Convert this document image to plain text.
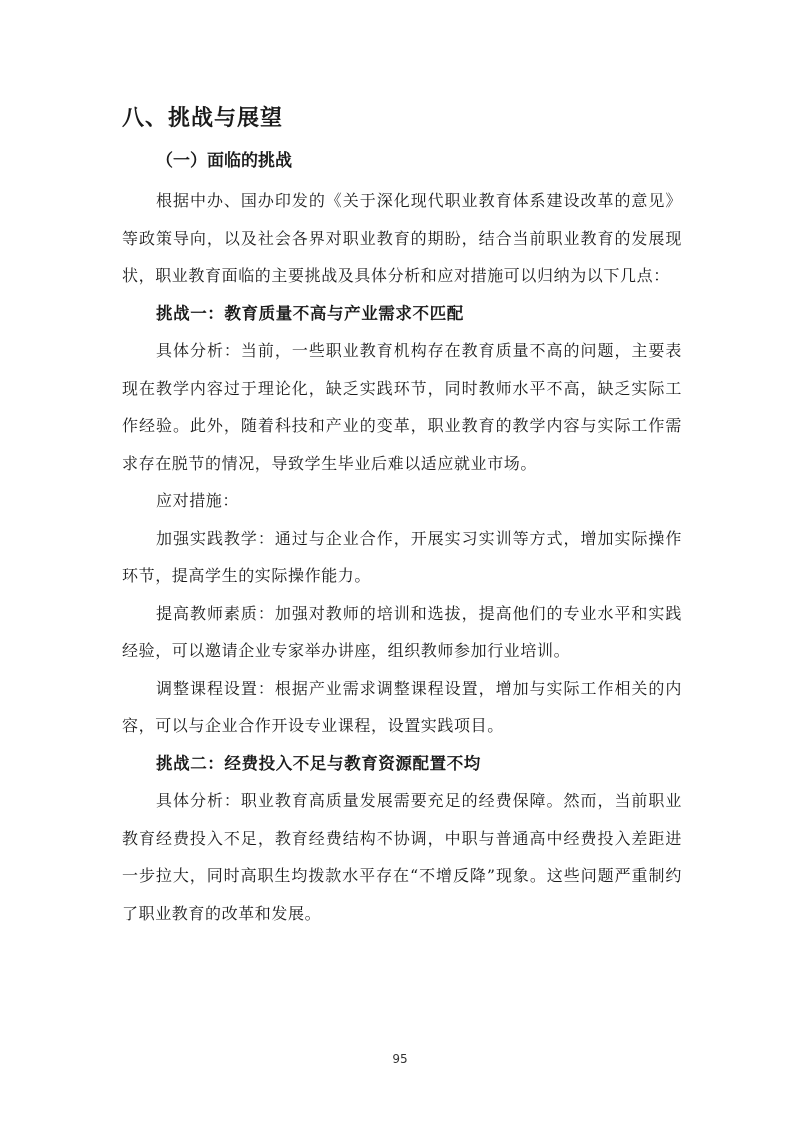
八、挑战与展望
（一）面临的挑战

根据中办、国办印发的《关于深化现代职业教育体系建设改革的意见》等政策导向，以及社会各界对职业教育的期盼，结合当前职业教育的发展现状，职业教育面临的主要挑战及具体分析和应对措施可以归纳为以下几点：

挑战一：教育质量不高与产业需求不匹配

具体分析：当前，一些职业教育机构存在教育质量不高的问题，主要表现在教学内容过于理论化，缺乏实践环节，同时教师水平不高，缺乏实际工作经验。此外，随着科技和产业的变革，职业教育的教学内容与实际工作需求存在脱节的情况，导致学生毕业后难以适应就业市场。

应对措施：

加强实践教学：通过与企业合作，开展实习实训等方式，增加实际操作环节，提高学生的实际操作能力。

提高教师素质：加强对教师的培训和选拔，提高他们的专业水平和实践经验，可以邀请企业专家举办讲座，组织教师参加行业培训。

调整课程设置：根据产业需求调整课程设置，增加与实际工作相关的内容，可以与企业合作开设专业课程，设置实践项目。

挑战二：经费投入不足与教育资源配置不均

具体分析：职业教育高质量发展需要充足的经费保障。然而，当前职业教育经费投入不足，教育经费结构不协调，中职与普通高中经费投入差距进一步拉大，同时高职生均拨款水平存在“不增反降”现象。这些问题严重制约了职业教育的改革和发展。

95
